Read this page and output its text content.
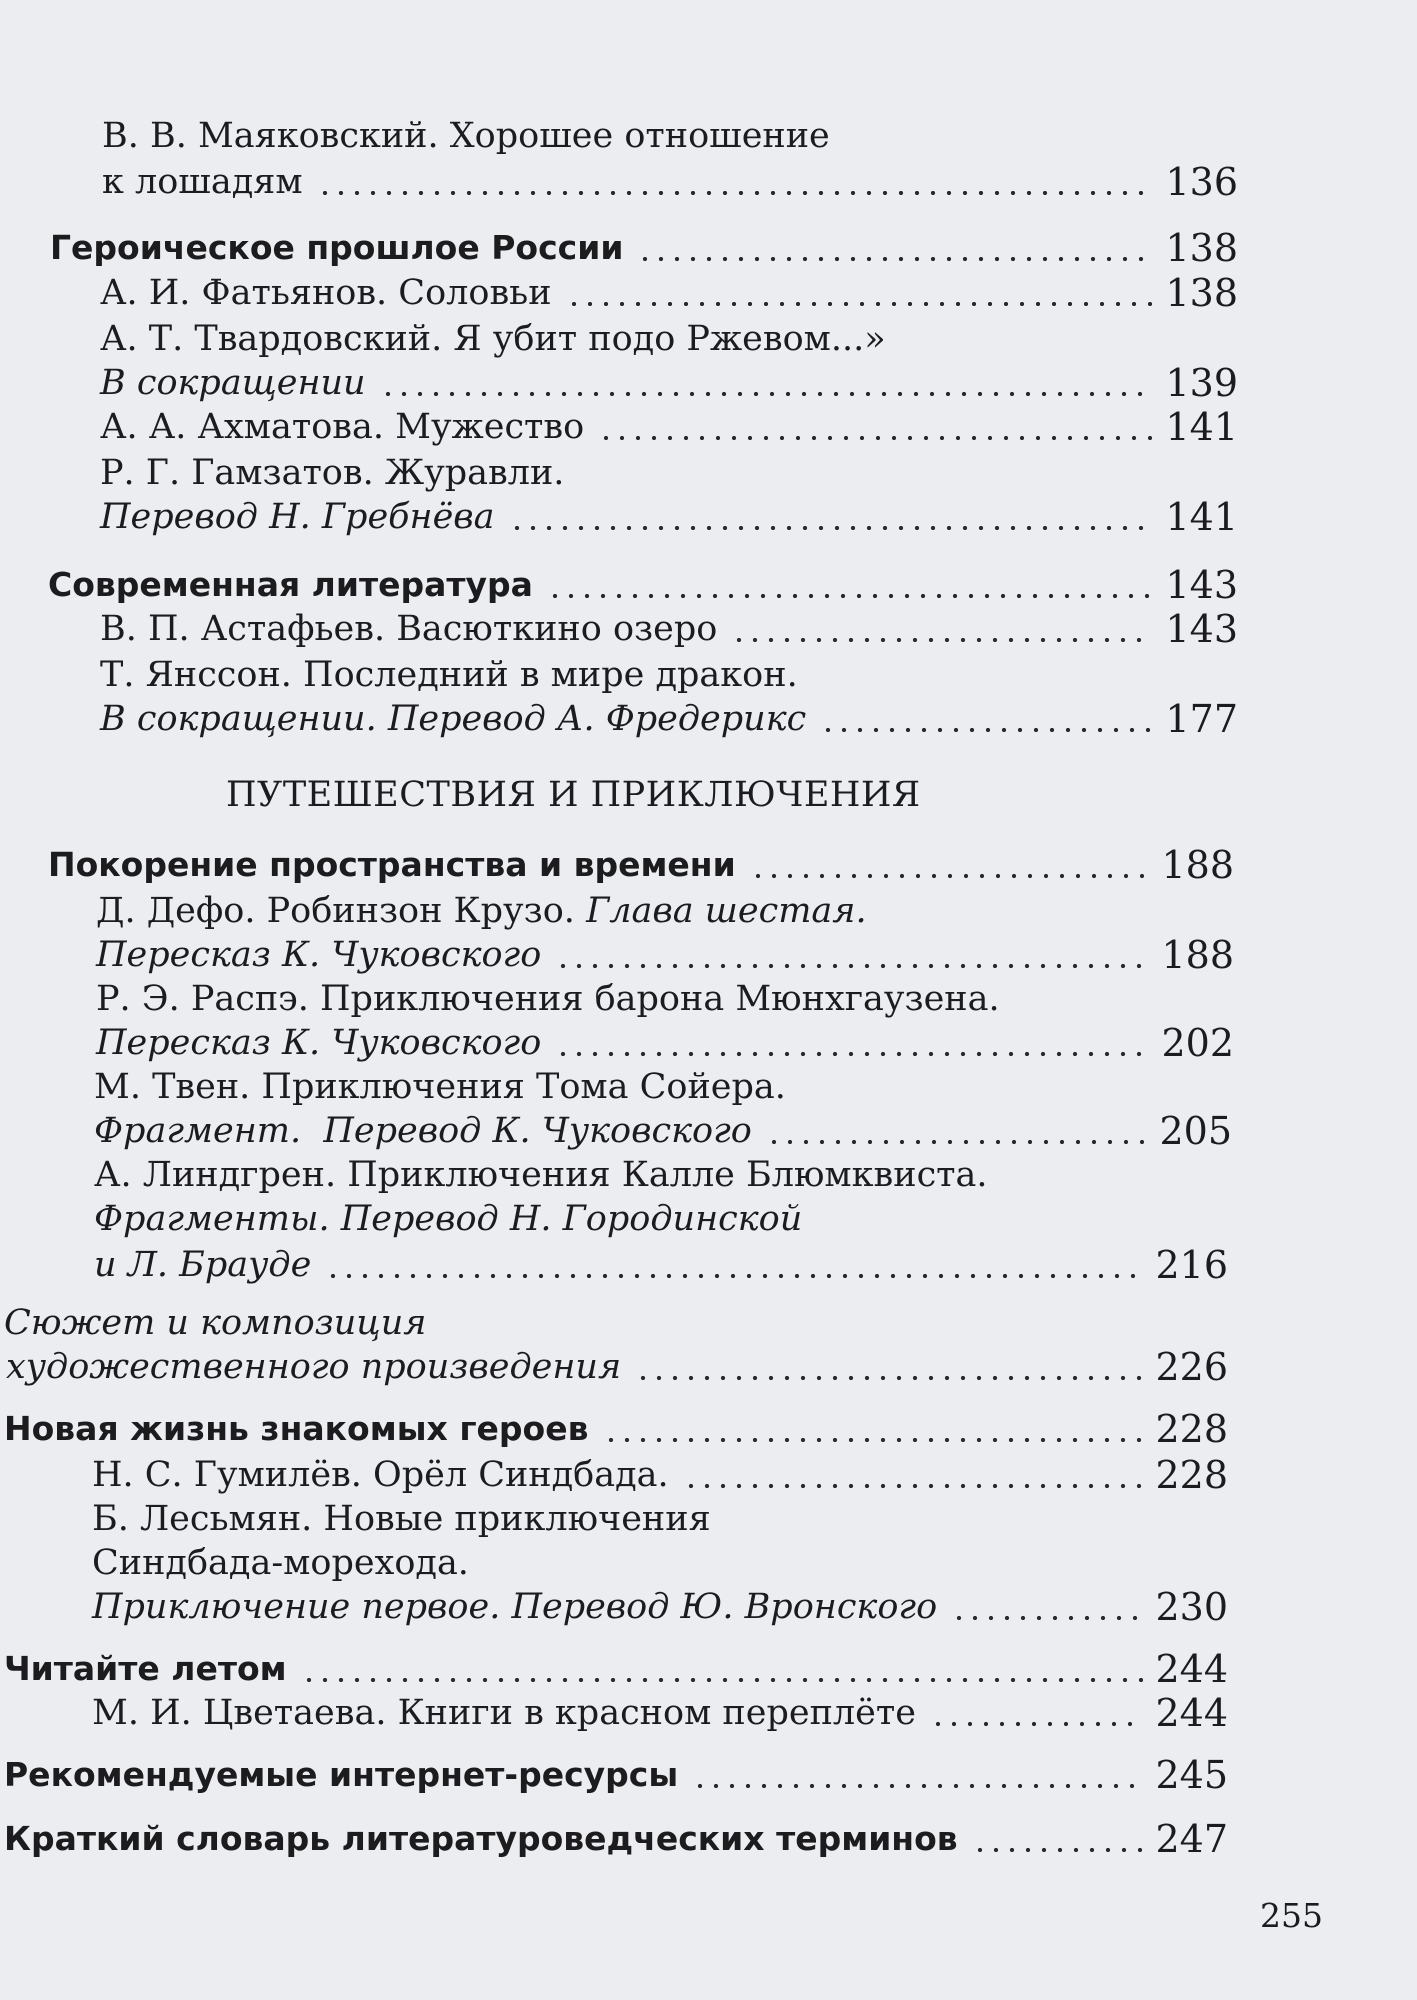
В. В. Маяковский. Хорошее отношение
к лошадям	136
Героическое прошлое России	138
А. И. Фатьянов. Соловьи	138
А. Т. Твардовский. Я убит подо Ржевом...»
В сокращении	139
А. А. Ахматова. Мужество	141
Р. Г. Гамзатов. Журавли.
Перевод Н. Гребнёва	141
Современная литература	143
В. П. Астафьев. Васюткино озеро	143
Т. Янссон. Последний в мире дракон.
В сокращении. Перевод А. Фредерикс	177
ПУТЕШЕСТВИЯ И ПРИКЛЮЧЕНИЯ
Покорение пространства и времени	188
Д. Дефо. Робинзон Крузо. Глава шестая.
Пересказ К. Чуковского	188
Р. Э. Распэ. Приключения барона Мюнхгаузена.
Пересказ К. Чуковского	202
М. Твен. Приключения Тома Сойера.
Фрагмент.  Перевод К. Чуковского	205
А. Линдгрен. Приключения Калле Блюмквиста.
Фрагменты. Перевод Н. Городинской
и Л. Брауде	216
Сюжет и композиция
художественного произведения	226
Новая жизнь знакомых героев	228
Н. С. Гумилёв. Орёл Синдбада.	228
Б. Лесьмян. Новые приключения
Синдбада-морехода.
Приключение первое. Перевод Ю. Вронского	230
Читайте летом	244
М. И. Цветаева. Книги в красном переплёте	244
Рекомендуемые интернет-ресурсы	245
Краткий словарь литературоведческих терминов	247
255
